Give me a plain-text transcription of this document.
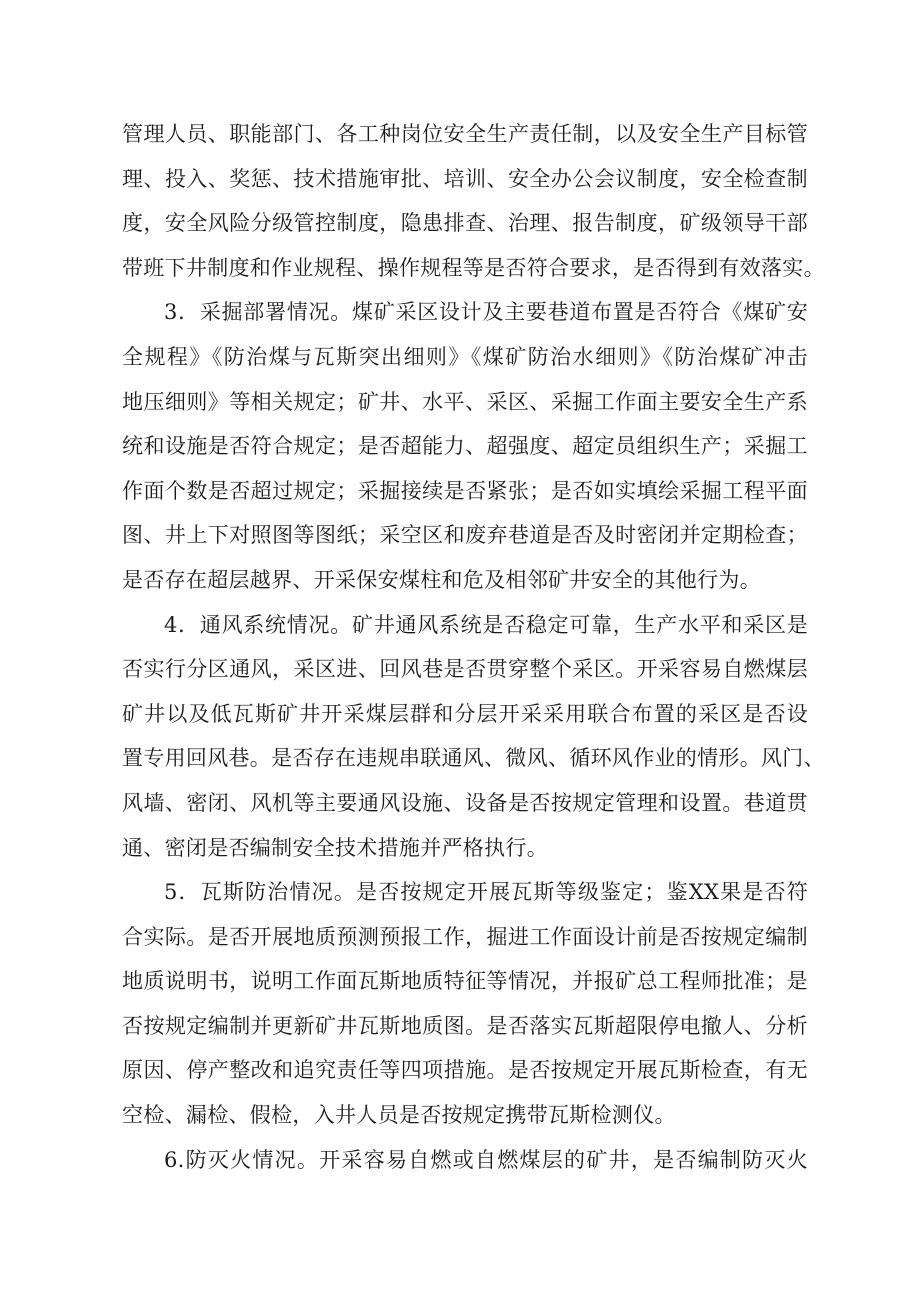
管理人员、职能部门、各工种岗位安全生产责任制，以及安全生产目标管
理、投入、奖惩、技术措施审批、培训、安全办公会议制度，安全检查制
度，安全风险分级管控制度，隐患排查、治理、报告制度，矿级领导干部
带班下井制度和作业规程、操作规程等是否符合要求，是否得到有效落实。
3．采掘部署情况。煤矿采区设计及主要巷道布置是否符合《煤矿安
全规程》《防治煤与瓦斯突出细则》《煤矿防治水细则》《防治煤矿冲击
地压细则》等相关规定；矿井、水平、采区、采掘工作面主要安全生产系
统和设施是否符合规定；是否超能力、超强度、超定员组织生产；采掘工
作面个数是否超过规定；采掘接续是否紧张；是否如实填绘采掘工程平面
图、井上下对照图等图纸；采空区和废弃巷道是否及时密闭并定期检查；
是否存在超层越界、开采保安煤柱和危及相邻矿井安全的其他行为。
4．通风系统情况。矿井通风系统是否稳定可靠，生产水平和采区是
否实行分区通风，采区进、回风巷是否贯穿整个采区。开采容易自燃煤层
矿井以及低瓦斯矿井开采煤层群和分层开采采用联合布置的采区是否设
置专用回风巷。是否存在违规串联通风、微风、循环风作业的情形。风门、
风墙、密闭、风机等主要通风设施、设备是否按规定管理和设置。巷道贯
通、密闭是否编制安全技术措施并严格执行。
5．瓦斯防治情况。是否按规定开展瓦斯等级鉴定；鉴XX果是否符
合实际。是否开展地质预测预报工作，掘进工作面设计前是否按规定编制
地质说明书，说明工作面瓦斯地质特征等情况，并报矿总工程师批准；是
否按规定编制并更新矿井瓦斯地质图。是否落实瓦斯超限停电撤人、分析
原因、停产整改和追究责任等四项措施。是否按规定开展瓦斯检查，有无
空检、漏检、假检，入井人员是否按规定携带瓦斯检测仪。
6.防灭火情况。开采容易自燃或自燃煤层的矿井，是否编制防灭火
